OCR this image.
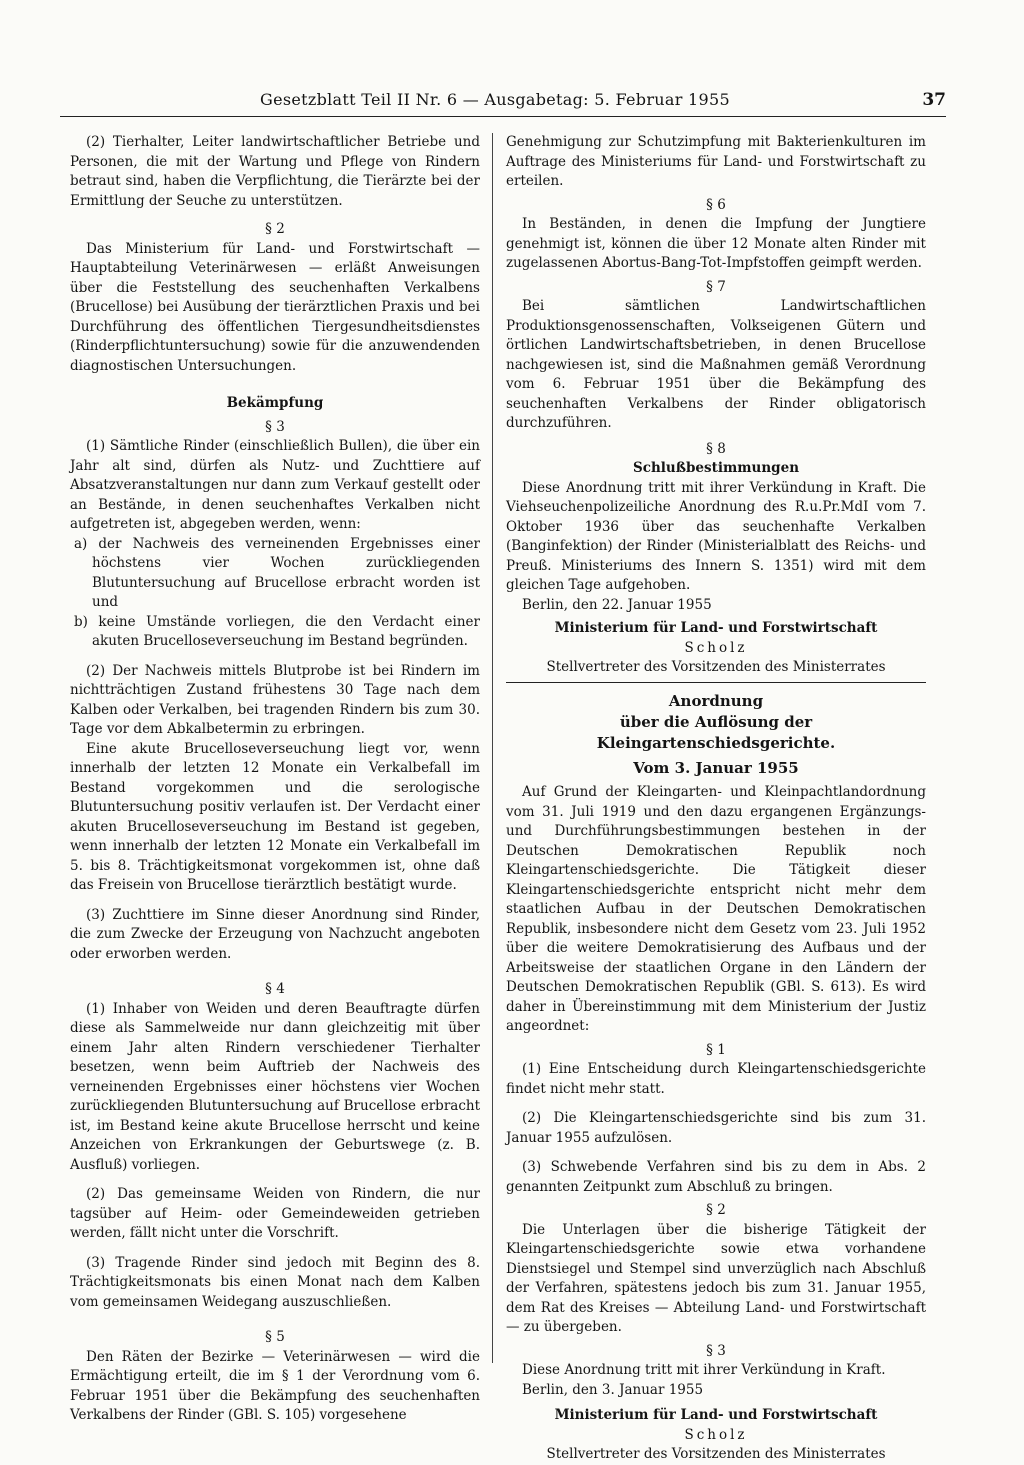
Gesetzblatt Teil II Nr. 6 — Ausgabetag: 5. Februar 1955	37

(2) Tierhalter, Leiter landwirtschaftlicher Betriebe und Personen, die mit der Wartung und Pflege von Rindern betraut sind, haben die Verpflichtung, die Tierärzte bei der Ermittlung der Seuche zu unterstützen.

§ 2

Das Ministerium für Land- und Forstwirtschaft — Hauptabteilung Veterinärwesen — erläßt Anweisungen über die Feststellung des seuchenhaften Verkalbens (Brucellose) bei Ausübung der tierärztlichen Praxis und bei Durchführung des öffentlichen Tiergesundheitsdienstes (Rinderpflichtuntersuchung) sowie für die anzuwendenden diagnostischen Untersuchungen.

Bekämpfung

§ 3

(1) Sämtliche Rinder (einschließlich Bullen), die über ein Jahr alt sind, dürfen als Nutz- und Zuchttiere auf Absatzveranstaltungen nur dann zum Verkauf gestellt oder an Bestände, in denen seuchenhaftes Verkalben nicht aufgetreten ist, abgegeben werden, wenn:

a) der Nachweis des verneinenden Ergebnisses einer höchstens vier Wochen zurückliegenden Blutuntersuchung auf Brucellose erbracht worden ist und

b) keine Umstände vorliegen, die den Verdacht einer akuten Brucelloseverseuchung im Bestand begründen.

(2) Der Nachweis mittels Blutprobe ist bei Rindern im nichtträchtigen Zustand frühestens 30 Tage nach dem Kalben oder Verkalben, bei tragenden Rindern bis zum 30. Tage vor dem Abkalbetermin zu erbringen.

Eine akute Brucelloseverseuchung liegt vor, wenn innerhalb der letzten 12 Monate ein Verkalbefall im Bestand vorgekommen und die serologische Blutuntersuchung positiv verlaufen ist. Der Verdacht einer akuten Brucelloseverseuchung im Bestand ist gegeben, wenn innerhalb der letzten 12 Monate ein Verkalbefall im 5. bis 8. Trächtigkeitsmonat vorgekommen ist, ohne daß das Freisein von Brucellose tierärztlich bestätigt wurde.

(3) Zuchttiere im Sinne dieser Anordnung sind Rinder, die zum Zwecke der Erzeugung von Nachzucht angeboten oder erworben werden.

§ 4

(1) Inhaber von Weiden und deren Beauftragte dürfen diese als Sammelweide nur dann gleichzeitig mit über einem Jahr alten Rindern verschiedener Tierhalter besetzen, wenn beim Auftrieb der Nachweis des verneinenden Ergebnisses einer höchstens vier Wochen zurückliegenden Blutuntersuchung auf Brucellose erbracht ist, im Bestand keine akute Brucellose herrscht und keine Anzeichen von Erkrankungen der Geburtswege (z. B. Ausfluß) vorliegen.

(2) Das gemeinsame Weiden von Rindern, die nur tagsüber auf Heim- oder Gemeindeweiden getrieben werden, fällt nicht unter die Vorschrift.

(3) Tragende Rinder sind jedoch mit Beginn des 8. Trächtigkeitsmonats bis einen Monat nach dem Kalben vom gemeinsamen Weidegang auszuschließen.

§ 5

Den Räten der Bezirke — Veterinärwesen — wird die Ermächtigung erteilt, die im § 1 der Verordnung vom 6. Februar 1951 über die Bekämpfung des seuchenhaften Verkalbens der Rinder (GBl. S. 105) vorgesehene

Genehmigung zur Schutzimpfung mit Bakterienkulturen im Auftrage des Ministeriums für Land- und Forstwirtschaft zu erteilen.

§ 6

In Beständen, in denen die Impfung der Jungtiere genehmigt ist, können die über 12 Monate alten Rinder mit zugelassenen Abortus-Bang-Tot-Impfstoffen geimpft werden.

§ 7

Bei sämtlichen Landwirtschaftlichen Produktionsgenossenschaften, Volkseigenen Gütern und örtlichen Landwirtschaftsbetrieben, in denen Brucellose nachgewiesen ist, sind die Maßnahmen gemäß Verordnung vom 6. Februar 1951 über die Bekämpfung des seuchenhaften Verkalbens der Rinder obligatorisch durchzuführen.

§ 8

Schlußbestimmungen

Diese Anordnung tritt mit ihrer Verkündung in Kraft. Die Viehseuchenpolizeiliche Anordnung des R.u.Pr.MdI vom 7. Oktober 1936 über das seuchenhafte Verkalben (Banginfektion) der Rinder (Ministerialblatt des Reichs- und Preuß. Ministeriums des Innern S. 1351) wird mit dem gleichen Tage aufgehoben.

Berlin, den 22. Januar 1955

Ministerium für Land- und Forstwirtschaft

Scholz

Stellvertreter des Vorsitzenden des Ministerrates

Anordnung

über die Auflösung der Kleingartenschiedsgerichte.

Vom 3. Januar 1955

Auf Grund der Kleingarten- und Kleinpachtlandordnung vom 31. Juli 1919 und den dazu ergangenen Ergänzungs- und Durchführungsbestimmungen bestehen in der Deutschen Demokratischen Republik noch Kleingartenschiedsgerichte. Die Tätigkeit dieser Kleingartenschiedsgerichte entspricht nicht mehr dem staatlichen Aufbau in der Deutschen Demokratischen Republik, insbesondere nicht dem Gesetz vom 23. Juli 1952 über die weitere Demokratisierung des Aufbaus und der Arbeitsweise der staatlichen Organe in den Ländern der Deutschen Demokratischen Republik (GBl. S. 613). Es wird daher in Übereinstimmung mit dem Ministerium der Justiz angeordnet:

§ 1

(1) Eine Entscheidung durch Kleingartenschiedsgerichte findet nicht mehr statt.

(2) Die Kleingartenschiedsgerichte sind bis zum 31. Januar 1955 aufzulösen.

(3) Schwebende Verfahren sind bis zu dem in Abs. 2 genannten Zeitpunkt zum Abschluß zu bringen.

§ 2

Die Unterlagen über die bisherige Tätigkeit der Kleingartenschiedsgerichte sowie etwa vorhandene Dienstsiegel und Stempel sind unverzüglich nach Abschluß der Verfahren, spätestens jedoch bis zum 31. Januar 1955, dem Rat des Kreises — Abteilung Land- und Forstwirtschaft — zu übergeben.

§ 3

Diese Anordnung tritt mit ihrer Verkündung in Kraft.

Berlin, den 3. Januar 1955

Ministerium für Land- und Forstwirtschaft

Scholz

Stellvertreter des Vorsitzenden des Ministerrates
